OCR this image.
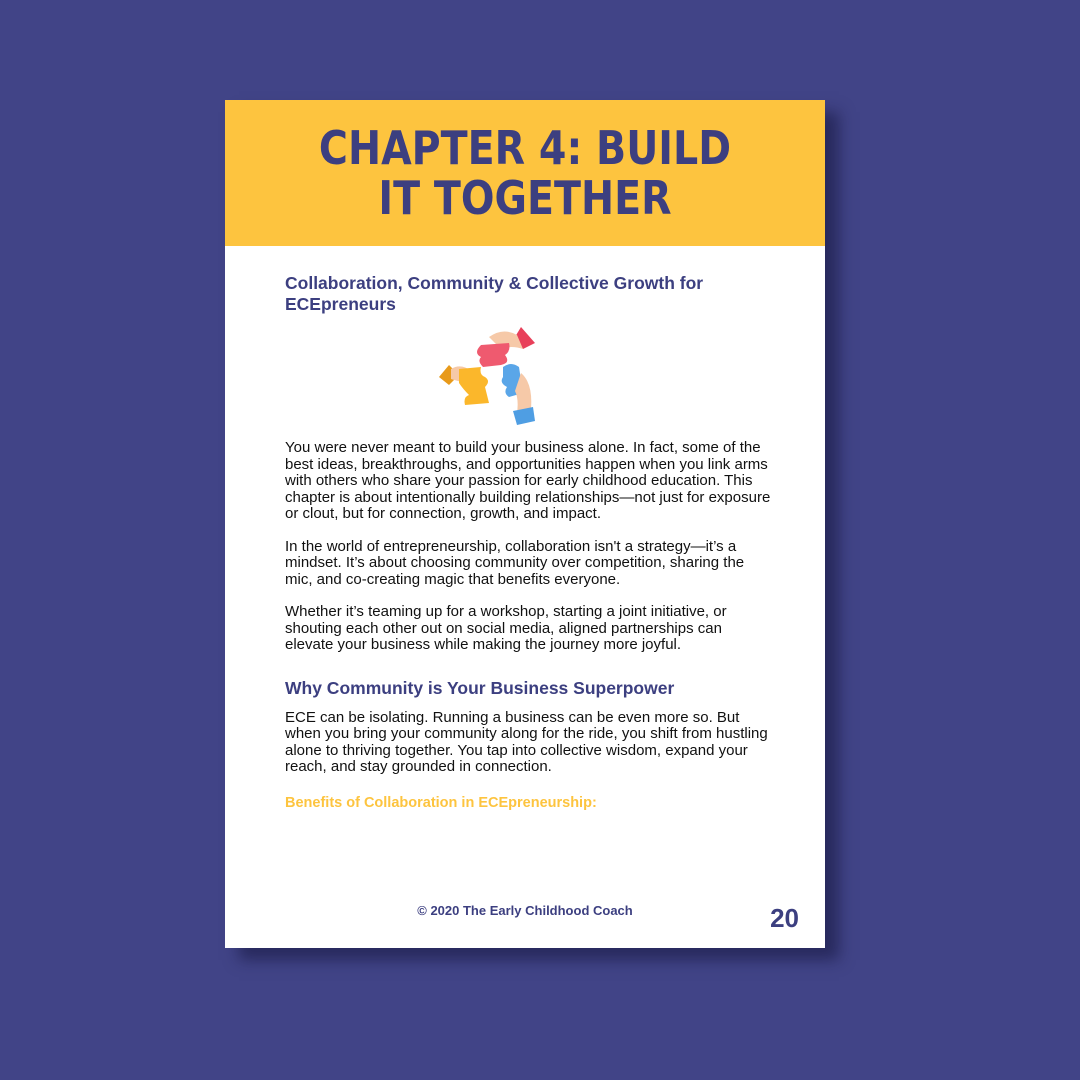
CHAPTER 4: BUILD IT TOGETHER
Collaboration, Community & Collective Growth for ECEpreneurs

You were never meant to build your business alone. In fact, some of the best ideas, breakthroughs, and opportunities happen when you link arms with others who share your passion for early childhood education. This chapter is about intentionally building relationships—not just for exposure or clout, but for connection, growth, and impact.

In the world of entrepreneurship, collaboration isn't a strategy—it’s a mindset. It’s about choosing community over competition, sharing the mic, and co-creating magic that benefits everyone.

Whether it’s teaming up for a workshop, starting a joint initiative, or shouting each other out on social media, aligned partnerships can elevate your business while making the journey more joyful.

Why Community is Your Business Superpower

ECE can be isolating. Running a business can be even more so. But when you bring your community along for the ride, you shift from hustling alone to thriving together. You tap into collective wisdom, expand your reach, and stay grounded in connection.

Benefits of Collaboration in ECEpreneurship:
© 2020 The Early Childhood Coach	20
